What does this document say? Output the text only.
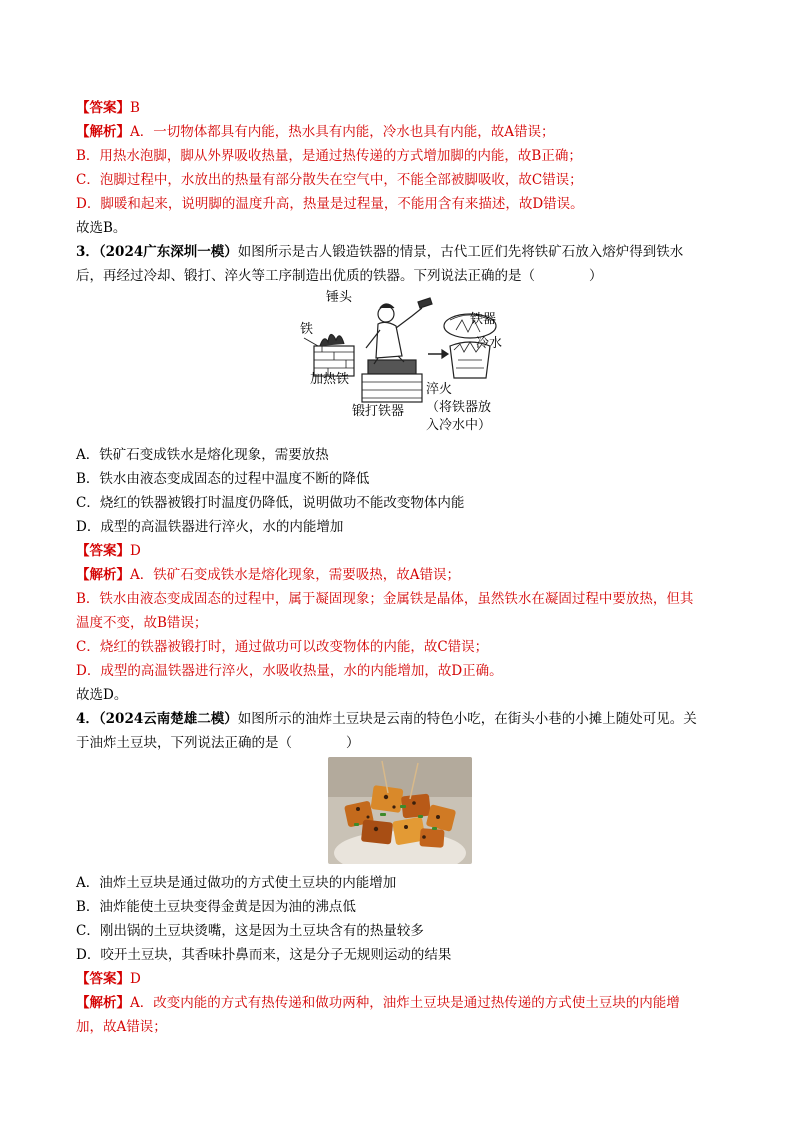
【答案】B
【解析】A．一切物体都具有内能，热水具有内能，冷水也具有内能，故A错误；
B．用热水泡脚，脚从外界吸收热量，是通过热传递的方式增加脚的内能，故B正确；
C．泡脚过程中，水放出的热量有部分散失在空气中，不能全部被脚吸收，故C错误；
D．脚暖和起来，说明脚的温度升高，热量是过程量，不能用含有来描述，故D错误。
故选B。
3．（2024广东深圳一模）如图所示是古人锻造铁器的情景，古代工匠们先将铁矿石放入熔炉得到铁水
后，再经过冷却、锻打、淬火等工序制造出优质的铁器。下列说法正确的是（　　　　）
锤头
铁
加热铁
锻打铁器
铁器
冷水
淬火
（将铁器放
入冷水中）
A．铁矿石变成铁水是熔化现象，需要放热
B．铁水由液态变成固态的过程中温度不断的降低
C．烧红的铁器被锻打时温度仍降低，说明做功不能改变物体内能
D．成型的高温铁器进行淬火，水的内能增加
【答案】D
【解析】A．铁矿石变成铁水是熔化现象，需要吸热，故A错误；
B．铁水由液态变成固态的过程中，属于凝固现象；金属铁是晶体，虽然铁水在凝固过程中要放热，但其
温度不变，故B错误；
C．烧红的铁器被锻打时，通过做功可以改变物体的内能，故C错误；
D．成型的高温铁器进行淬火，水吸收热量，水的内能增加，故D正确。
故选D。
4．（2024云南楚雄二模）如图所示的油炸土豆块是云南的特色小吃，在街头小巷的小摊上随处可见。关
于油炸土豆块，下列说法正确的是（　　　　）
A．油炸土豆块是通过做功的方式使土豆块的内能增加
B．油炸能使土豆块变得金黄是因为油的沸点低
C．刚出锅的土豆块烫嘴，这是因为土豆块含有的热量较多
D．咬开土豆块，其香味扑鼻而来，这是分子无规则运动的结果
【答案】D
【解析】A．改变内能的方式有热传递和做功两种，油炸土豆块是通过热传递的方式使土豆块的内能增
加，故A错误；
